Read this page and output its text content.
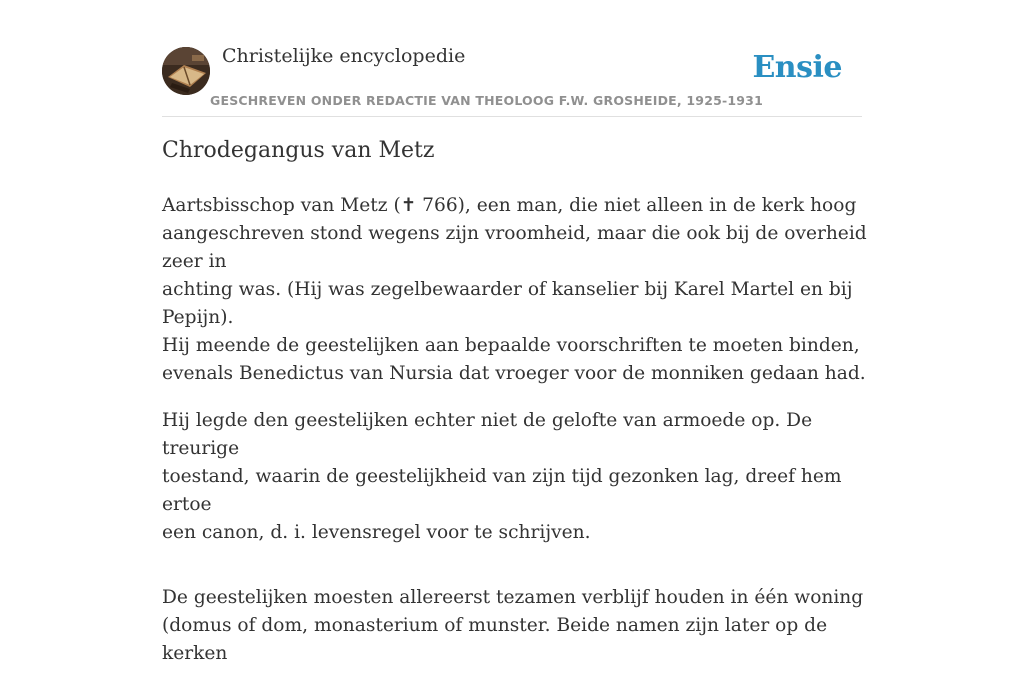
Christelijke encyclopedie
GESCHREVEN ONDER REDACTIE VAN THEOLOOG F.W. GROSHEIDE, 1925-1931
Ensie
Chrodegangus van Metz

Aartsbisschop van Metz (✝ 766), een man, die niet alleen in de kerk hoog
aangeschreven stond wegens zijn vroomheid, maar die ook bij de overheid zeer in
achting was. (Hij was zegelbewaarder of kanselier bij Karel Martel en bij Pepijn).
Hij meende de geestelijken aan bepaalde voorschriften te moeten binden,
evenals Benedictus van Nursia dat vroeger voor de monniken gedaan had.

Hij legde den geestelijken echter niet de gelofte van armoede op. De treurige
toestand, waarin de geestelijkheid van zijn tijd gezonken lag, dreef hem ertoe
een canon, d. i. levensregel voor te schrijven.

De geestelijken moesten allereerst tezamen verblijf houden in één woning
(domus of dom, monasterium of munster. Beide namen zijn later op de kerken
